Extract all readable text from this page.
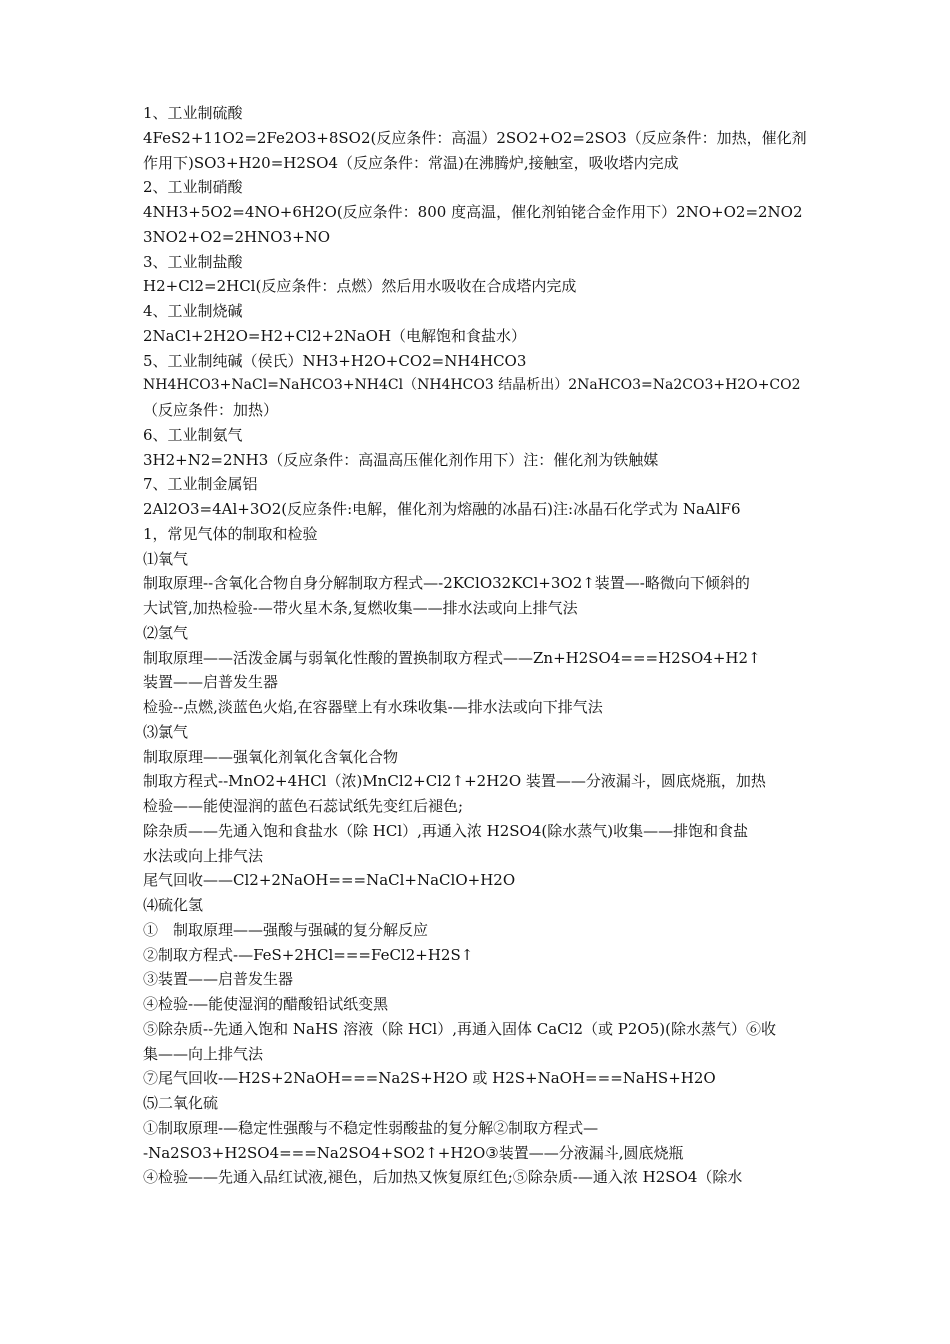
1、工业制硫酸
4FeS2+11O2=2Fe2O3+8SO2(反应条件：高温）2SO2+O2=2SO3（反应条件：加热，催化剂
作用下)SO3+H20=H2SO4（反应条件：常温)在沸腾炉,接触室，吸收塔内完成
2、工业制硝酸
4NH3+5O2=4NO+6H2O(反应条件：800 度高温，催化剂铂铑合金作用下）2NO+O2=2NO2
3NO2+O2=2HNO3+NO
3、工业制盐酸
H2+Cl2=2HCl(反应条件：点燃）然后用水吸收在合成塔内完成
4、工业制烧碱
2NaCl+2H2O=H2+Cl2+2NaOH（电解饱和食盐水）
5、工业制纯碱（侯氏）NH3+H2O+CO2=NH4HCO3
NH4HCO3+NaCl=NaHCO3+NH4Cl（NH4HCO3 结晶析出）2NaHCO3=Na2CO3+H2O+CO2
（反应条件：加热）
6、工业制氨气
3H2+N2=2NH3（反应条件：高温高压催化剂作用下）注：催化剂为铁触媒
7、工业制金属铝
2Al2O3=4Al+3O2(反应条件:电解，催化剂为熔融的冰晶石)注:冰晶石化学式为 NaAlF6
1，常见气体的制取和检验
⑴氧气
制取原理--含氧化合物自身分解制取方程式—-2KClO32KCl+3O2↑装置—-略微向下倾斜的
大试管,加热检验-—带火星木条,复燃收集——排水法或向上排气法
⑵氢气
制取原理——活泼金属与弱氧化性酸的置换制取方程式——Zn+H2SO4===H2SO4+H2↑
装置——启普发生器
检验--点燃,淡蓝色火焰,在容器壁上有水珠收集-—排水法或向下排气法
⑶氯气
制取原理——强氧化剂氧化含氧化合物
制取方程式--MnO2+4HCl（浓)MnCl2+Cl2↑+2H2O 装置——分液漏斗，圆底烧瓶，加热
检验——能使湿润的蓝色石蕊试纸先变红后褪色;
除杂质——先通入饱和食盐水（除 HCl）,再通入浓 H2SO4(除水蒸气)收集——排饱和食盐
水法或向上排气法
尾气回收——Cl2+2NaOH===NaCl+NaClO+H2O
⑷硫化氢
①　制取原理——强酸与强碱的复分解反应
②制取方程式-—FeS+2HCl===FeCl2+H2S↑
③装置——启普发生器
④检验-—能使湿润的醋酸铅试纸变黑
⑤除杂质--先通入饱和 NaHS 溶液（除 HCl）,再通入固体 CaCl2（或 P2O5)(除水蒸气）⑥收
集——向上排气法
⑦尾气回收-—H2S+2NaOH===Na2S+H2O 或 H2S+NaOH===NaHS+H2O
⑸二氧化硫
①制取原理-—稳定性强酸与不稳定性弱酸盐的复分解②制取方程式—
-Na2SO3+H2SO4===Na2SO4+SO2↑+H2O③装置——分液漏斗,圆底烧瓶
④检验——先通入品红试液,褪色，后加热又恢复原红色;⑤除杂质-—通入浓 H2SO4（除水
